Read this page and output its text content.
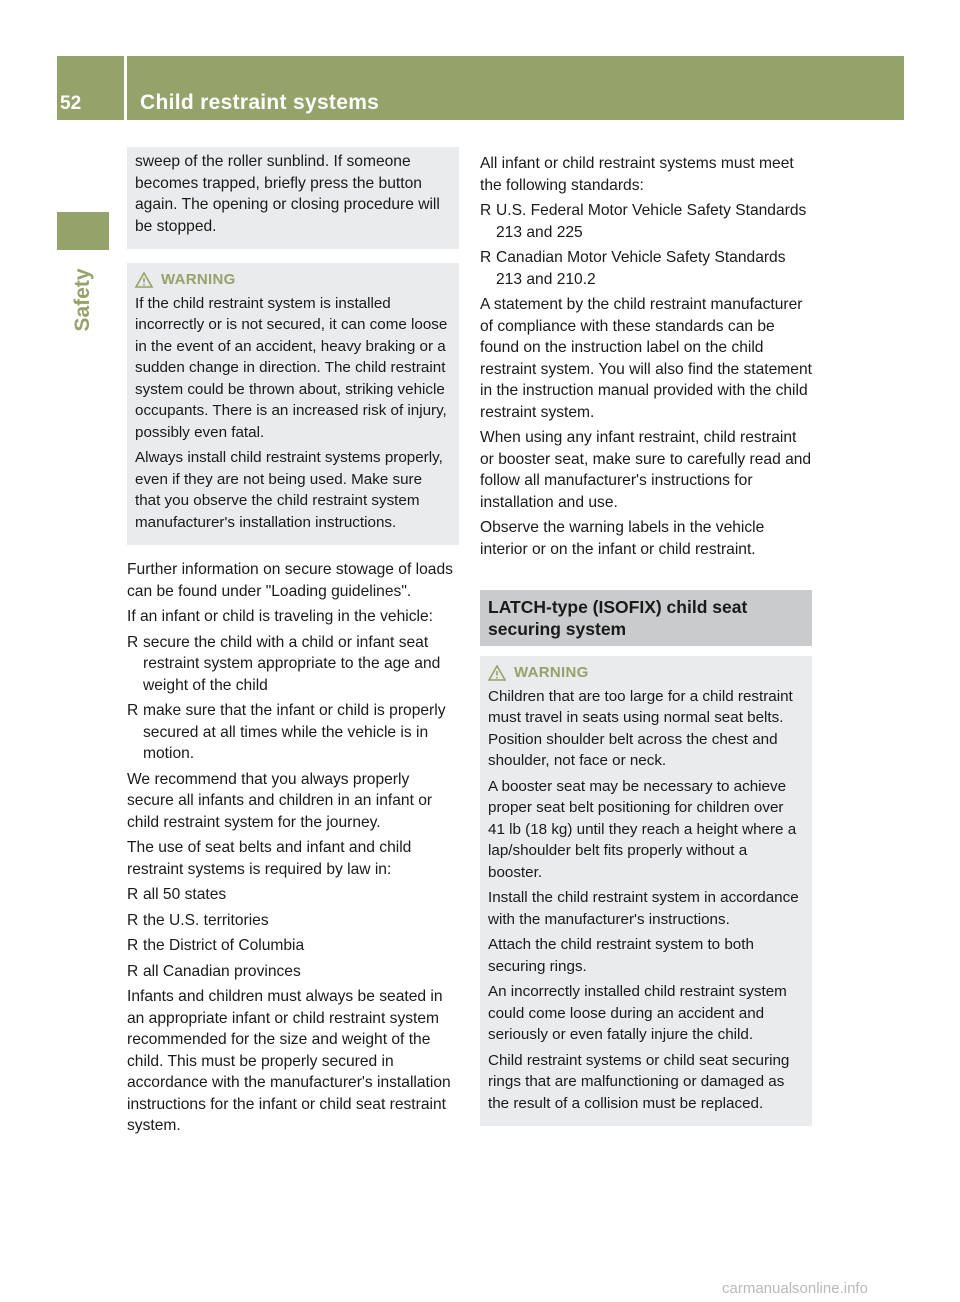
52	Child restraint systems
Safety
sweep of the roller sunblind. If someone becomes trapped, briefly press the button again. The opening or closing procedure will be stopped.
WARNING
If the child restraint system is installed incorrectly or is not secured, it can come loose in the event of an accident, heavy braking or a sudden change in direction. The child restraint system could be thrown about, striking vehicle occupants. There is an increased risk of injury, possibly even fatal.
Always install child restraint systems properly, even if they are not being used. Make sure that you observe the child restraint system manufacturer's installation instructions.
Further information on secure stowage of loads can be found under "Loading guidelines".
If an infant or child is traveling in the vehicle:
R secure the child with a child or infant seat restraint system appropriate to the age and weight of the child
R make sure that the infant or child is properly secured at all times while the vehicle is in motion.
We recommend that you always properly secure all infants and children in an infant or child restraint system for the journey.
The use of seat belts and infant and child restraint systems is required by law in:
R all 50 states
R the U.S. territories
R the District of Columbia
R all Canadian provinces
Infants and children must always be seated in an appropriate infant or child restraint system recommended for the size and weight of the child. This must be properly secured in accordance with the manufacturer's installation instructions for the infant or child seat restraint system.
All infant or child restraint systems must meet the following standards:
R U.S. Federal Motor Vehicle Safety Standards 213 and 225
R Canadian Motor Vehicle Safety Standards 213 and 210.2
A statement by the child restraint manufacturer of compliance with these standards can be found on the instruction label on the child restraint system. You will also find the statement in the instruction manual provided with the child restraint system.
When using any infant restraint, child restraint or booster seat, make sure to carefully read and follow all manufacturer's instructions for installation and use.
Observe the warning labels in the vehicle interior or on the infant or child restraint.
LATCH-type (ISOFIX) child seat securing system
WARNING
Children that are too large for a child restraint must travel in seats using normal seat belts. Position shoulder belt across the chest and shoulder, not face or neck.
A booster seat may be necessary to achieve proper seat belt positioning for children over 41 lb (18 kg) until they reach a height where a lap/shoulder belt fits properly without a booster.
Install the child restraint system in accordance with the manufacturer's instructions.
Attach the child restraint system to both securing rings.
An incorrectly installed child restraint system could come loose during an accident and seriously or even fatally injure the child.
Child restraint systems or child seat securing rings that are malfunctioning or damaged as the result of a collision must be replaced.
carmanualsonline.info
